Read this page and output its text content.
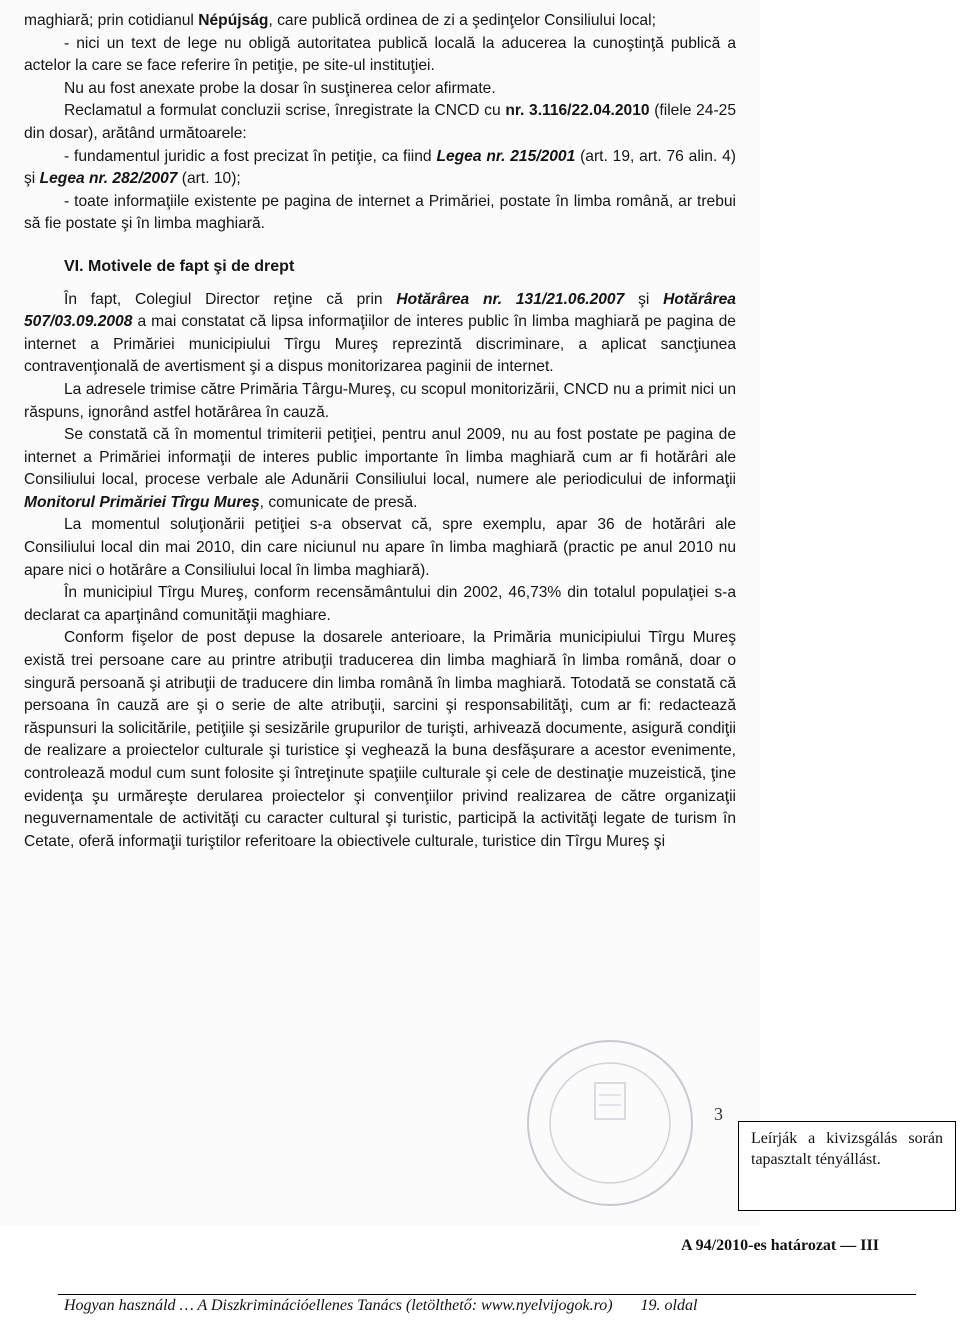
maghiară; prin cotidianul Népújság, care publică ordinea de zi a şedinţelor Consiliului local;

- nici un text de lege nu obligă autoritatea publică locală la aducerea la cunoştinţă publică a actelor la care se face referire în petiţie, pe site-ul instituţiei.

Nu au fost anexate probe la dosar în susţinerea celor afirmate.

Reclamatul a formulat concluzii scrise, înregistrate la CNCD cu nr. 3.116/22.04.2010 (filele 24-25 din dosar), arătând următoarele:

- fundamentul juridic a fost precizat în petiţie, ca fiind Legea nr. 215/2001 (art. 19, art. 76 alin. 4) şi Legea nr. 282/2007 (art. 10);

- toate informaţiile existente pe pagina de internet a Primăriei, postate în limba română, ar trebui să fie postate şi în limba maghiară.

VI. Motivele de fapt şi de drept

În fapt, Colegiul Director reţine că prin Hotărârea nr. 131/21.06.2007 şi Hotărârea 507/03.09.2008 a mai constatat că lipsa informaţiilor de interes public în limba maghiară pe pagina de internet a Primăriei municipiului Tîrgu Mureş reprezintă discriminare, a aplicat sancţiunea contravenţională de avertisment şi a dispus monitorizarea paginii de internet.

La adresele trimise către Primăria Târgu-Mureş, cu scopul monitorizării, CNCD nu a primit nici un răspuns, ignorând astfel hotărârea în cauză.

Se constată că în momentul trimiterii petiţiei, pentru anul 2009, nu au fost postate pe pagina de internet a Primăriei informaţii de interes public importante în limba maghiară cum ar fi hotărâri ale Consiliului local, procese verbale ale Adunării Consiliului local, numere ale periodicului de informaţii Monitorul Primăriei Tîrgu Mureş, comunicate de presă.

La momentul soluţionării petiţiei s-a observat că, spre exemplu, apar 36 de hotărâri ale Consiliului local din mai 2010, din care niciunul nu apare în limba maghiară (practic pe anul 2010 nu apare nici o hotărâre a Consiliului local în limba maghiară).

În municipiul Tîrgu Mureş, conform recensământului din 2002, 46,73% din totalul populaţiei s-a declarat ca aparţinând comunităţii maghiare.

Conform fişelor de post depuse la dosarele anterioare, la Primăria municipiului Tîrgu Mureş există trei persoane care au printre atribuţii traducerea din limba maghiară în limba română, doar o singură persoană şi atribuţii de traducere din limba română în limba maghiară. Totodată se constată că persoana în cauză are şi o serie de alte atribuţii, sarcini şi responsabilităţi, cum ar fi: redactează răspunsuri la solicitările, petiţiile şi sesizările grupurilor de turişti, arhivează documente, asigură condiţii de realizare a proiectelor culturale şi turistice şi veghează la buna desfăşurare a acestor evenimente, controlează modul cum sunt folosite şi întreţinute spaţiile culturale şi cele de destinaţie muzeistică, ţine evidenţa şu urmăreşte derularea proiectelor şi convenţiilor privind realizarea de către organizaţii neguvernamentale de activităţi cu caracter cultural şi turistic, participă la activităţi legate de turism în Cetate, oferă informaţii turiştilor referitoare la obiectivele culturale, turistice din Tîrgu Mureş şi

3
Leírják a kivizsgálás során tapasztalt tényállást.
A 94/2010-es határozat — III
Hogyan használd … A Diszkriminációellenes Tanács (letölthető: www.nyelvijogok.ro) 19. oldal
